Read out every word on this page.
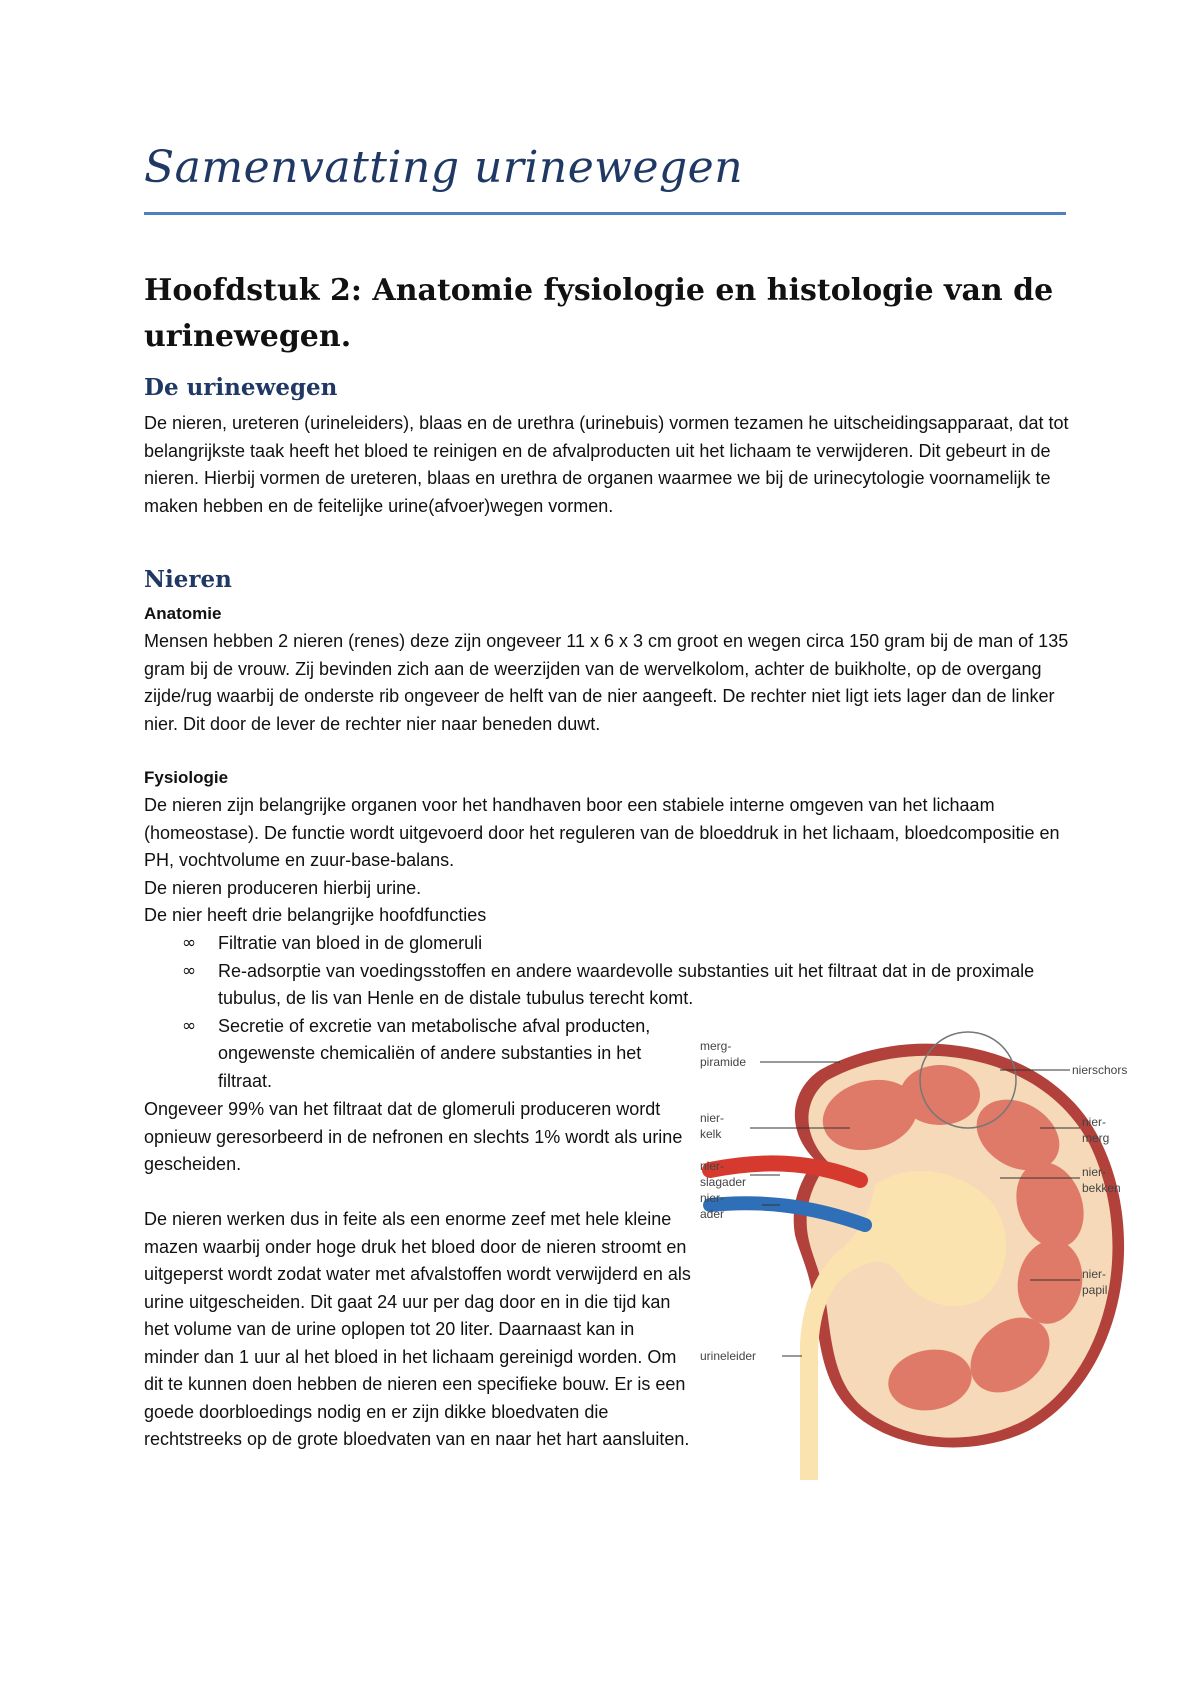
Samenvatting urinewegen
Hoofdstuk 2: Anatomie fysiologie en histologie van de urinewegen.
De urinewegen
De nieren, ureteren (urineleiders), blaas en de urethra (urinebuis) vormen tezamen he uitscheidingsapparaat, dat tot belangrijkste taak heeft het bloed te reinigen en de afvalproducten uit het lichaam te verwijderen. Dit gebeurt in de nieren. Hierbij vormen de ureteren, blaas en urethra de organen waarmee we bij de urinecytologie voornamelijk te maken hebben en de feitelijke urine(afvoer)wegen vormen.
Nieren
Anatomie
Mensen hebben 2 nieren (renes) deze zijn ongeveer 11 x 6 x 3 cm groot en wegen circa 150 gram bij de man of 135 gram bij de vrouw. Zij bevinden zich aan de weerzijden van de wervelkolom, achter de buikholte, op de overgang zijde/rug waarbij de onderste rib ongeveer de helft van de nier aangeeft. De rechter niet ligt iets lager dan de linker nier. Dit door de lever de rechter nier naar beneden duwt.
Fysiologie
De nieren zijn belangrijke organen voor het handhaven boor een stabiele interne omgeven van het lichaam (homeostase). De functie wordt uitgevoerd door het reguleren van de bloeddruk in het lichaam, bloedcompositie en PH, vochtvolume en zuur-base-balans.
De nieren produceren hierbij urine.
De nier heeft drie belangrijke hoofdfuncties
∞ Filtratie van bloed in de glomeruli
∞ Re-adsorptie van voedingsstoffen en andere waardevolle substanties uit het filtraat dat in de proximale tubulus, de lis van Henle en de distale tubulus terecht komt.
∞ Secretie of excretie van metabolische afval producten, ongewenste chemicaliën of andere substanties in het filtraat.
Ongeveer 99% van het filtraat dat de glomeruli produceren wordt opnieuw geresorbeerd in de nefronen en slechts 1% wordt als urine gescheiden.
De nieren werken dus in feite als een enorme zeef met hele kleine mazen waarbij onder hoge druk het bloed door de nieren stroomt en uitgeperst wordt zodat water met afvalstoffen wordt verwijderd en als urine uitgescheiden. Dit gaat 24 uur per dag door en in die tijd kan het volume van de urine oplopen tot 20 liter. Daarnaast kan in minder dan 1 uur al het bloed in het lichaam gereinigd worden. Om dit te kunnen doen hebben de nieren een specifieke bouw. Er is een goede doorbloedings nodig en er zijn dikke bloedvaten die rechtstreeks op de grote bloedvaten van en naar het hart aansluiten.
merg-
piramide
nier-
kelk
nier-
slagader
nier-
ader
urineleider
nierschors
nier-
merg
nier-
bekken
nier-
papil
